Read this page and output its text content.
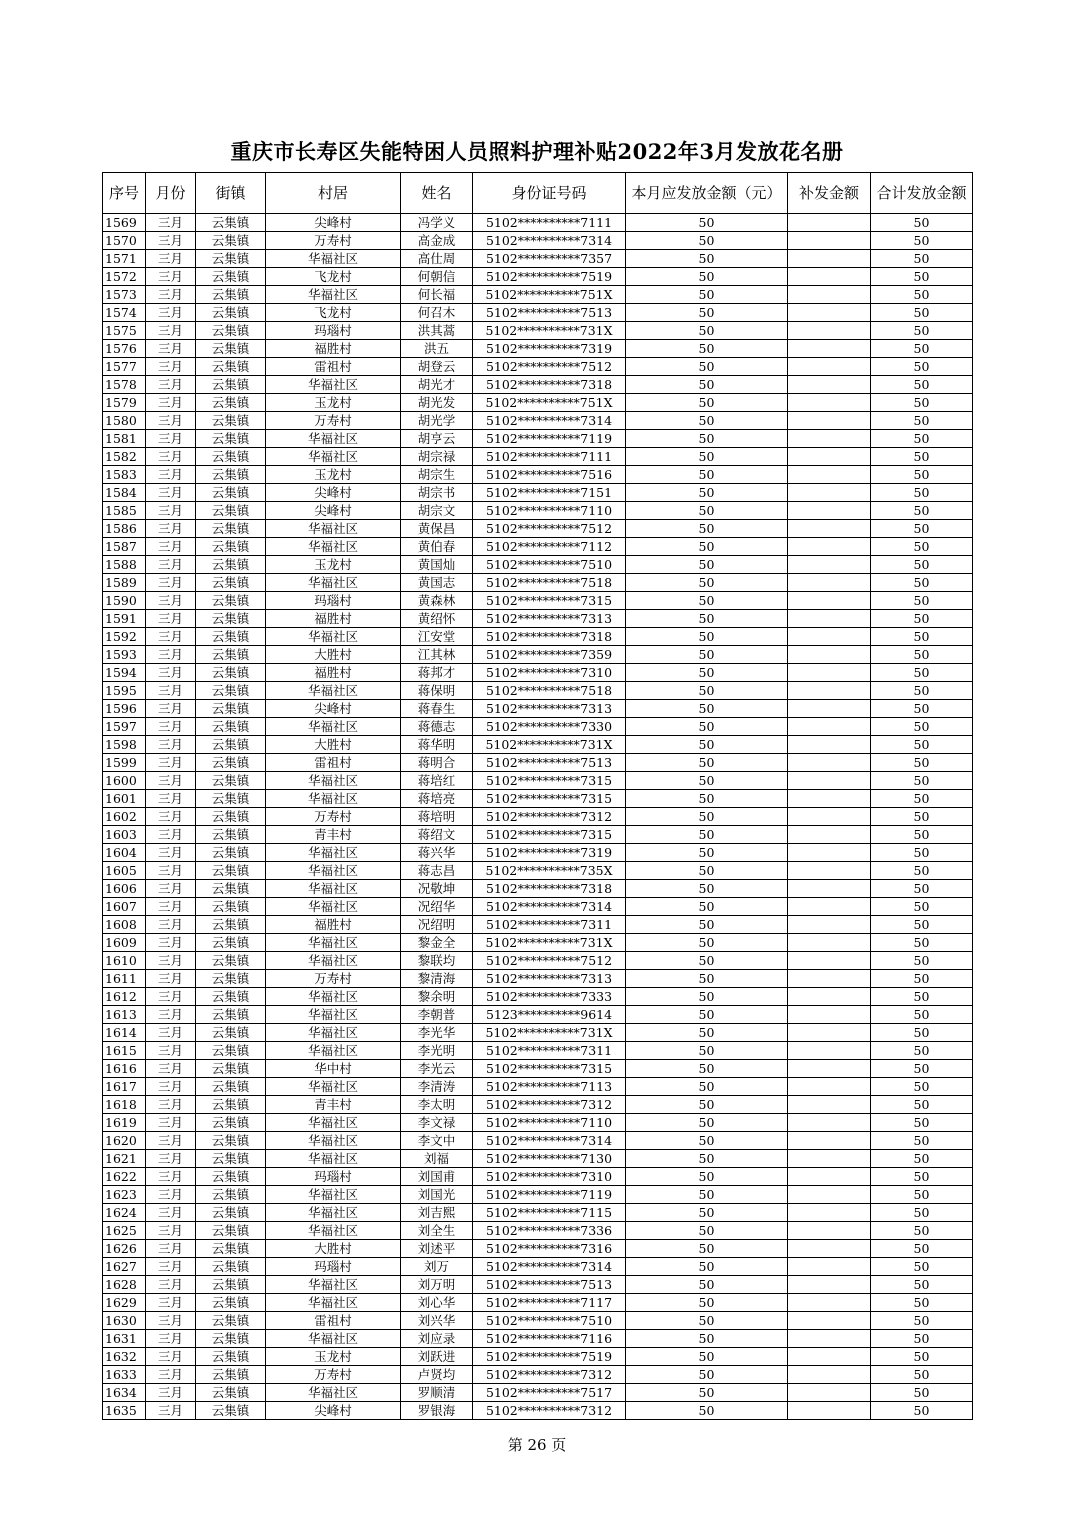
重庆市长寿区失能特困人员照料护理补贴2022年3月发放花名册
序号	月份	街镇	村居	姓名	身份证号码	本月应发放金额（元）	补发金额	合计发放金额
1569	三月	云集镇	尖峰村	冯学义	5102**********7111	50		50
1570	三月	云集镇	万寿村	高金成	5102**********7314	50		50
1571	三月	云集镇	华福社区	高仕周	5102**********7357	50		50
1572	三月	云集镇	飞龙村	何朝信	5102**********7519	50		50
1573	三月	云集镇	华福社区	何长福	5102**********751X	50		50
1574	三月	云集镇	飞龙村	何召木	5102**********7513	50		50
1575	三月	云集镇	玛瑙村	洪其蒿	5102**********731X	50		50
1576	三月	云集镇	福胜村	洪五	5102**********7319	50		50
1577	三月	云集镇	雷祖村	胡登云	5102**********7512	50		50
1578	三月	云集镇	华福社区	胡光才	5102**********7318	50		50
1579	三月	云集镇	玉龙村	胡光发	5102**********751X	50		50
1580	三月	云集镇	万寿村	胡光学	5102**********7314	50		50
1581	三月	云集镇	华福社区	胡亨云	5102**********7119	50		50
1582	三月	云集镇	华福社区	胡宗禄	5102**********7111	50		50
1583	三月	云集镇	玉龙村	胡宗生	5102**********7516	50		50
1584	三月	云集镇	尖峰村	胡宗书	5102**********7151	50		50
1585	三月	云集镇	尖峰村	胡宗文	5102**********7110	50		50
1586	三月	云集镇	华福社区	黄保昌	5102**********7512	50		50
1587	三月	云集镇	华福社区	黄伯春	5102**********7112	50		50
1588	三月	云集镇	玉龙村	黄国灿	5102**********7510	50		50
1589	三月	云集镇	华福社区	黄国志	5102**********7518	50		50
1590	三月	云集镇	玛瑙村	黄森林	5102**********7315	50		50
1591	三月	云集镇	福胜村	黄绍怀	5102**********7313	50		50
1592	三月	云集镇	华福社区	江安堂	5102**********7318	50		50
1593	三月	云集镇	大胜村	江其林	5102**********7359	50		50
1594	三月	云集镇	福胜村	蒋邦才	5102**********7310	50		50
1595	三月	云集镇	华福社区	蒋保明	5102**********7518	50		50
1596	三月	云集镇	尖峰村	蒋春生	5102**********7313	50		50
1597	三月	云集镇	华福社区	蒋德志	5102**********7330	50		50
1598	三月	云集镇	大胜村	蒋华明	5102**********731X	50		50
1599	三月	云集镇	雷祖村	蒋明合	5102**********7513	50		50
1600	三月	云集镇	华福社区	蒋培红	5102**********7315	50		50
1601	三月	云集镇	华福社区	蒋培亮	5102**********7315	50		50
1602	三月	云集镇	万寿村	蒋培明	5102**********7312	50		50
1603	三月	云集镇	青丰村	蒋绍文	5102**********7315	50		50
1604	三月	云集镇	华福社区	蒋兴华	5102**********7319	50		50
1605	三月	云集镇	华福社区	蒋志昌	5102**********735X	50		50
1606	三月	云集镇	华福社区	况敬坤	5102**********7318	50		50
1607	三月	云集镇	华福社区	况绍华	5102**********7314	50		50
1608	三月	云集镇	福胜村	况绍明	5102**********7311	50		50
1609	三月	云集镇	华福社区	黎金全	5102**********731X	50		50
1610	三月	云集镇	华福社区	黎联均	5102**********7512	50		50
1611	三月	云集镇	万寿村	黎清海	5102**********7313	50		50
1612	三月	云集镇	华福社区	黎余明	5102**********7333	50		50
1613	三月	云集镇	华福社区	李朝普	5123**********9614	50		50
1614	三月	云集镇	华福社区	李光华	5102**********731X	50		50
1615	三月	云集镇	华福社区	李光明	5102**********7311	50		50
1616	三月	云集镇	华中村	李光云	5102**********7315	50		50
1617	三月	云集镇	华福社区	李清涛	5102**********7113	50		50
1618	三月	云集镇	青丰村	李太明	5102**********7312	50		50
1619	三月	云集镇	华福社区	李文禄	5102**********7110	50		50
1620	三月	云集镇	华福社区	李文中	5102**********7314	50		50
1621	三月	云集镇	华福社区	刘福	5102**********7130	50		50
1622	三月	云集镇	玛瑙村	刘国甫	5102**********7310	50		50
1623	三月	云集镇	华福社区	刘国光	5102**********7119	50		50
1624	三月	云集镇	华福社区	刘吉熙	5102**********7115	50		50
1625	三月	云集镇	华福社区	刘全生	5102**********7336	50		50
1626	三月	云集镇	大胜村	刘述平	5102**********7316	50		50
1627	三月	云集镇	玛瑙村	刘万	5102**********7314	50		50
1628	三月	云集镇	华福社区	刘万明	5102**********7513	50		50
1629	三月	云集镇	华福社区	刘心华	5102**********7117	50		50
1630	三月	云集镇	雷祖村	刘兴华	5102**********7510	50		50
1631	三月	云集镇	华福社区	刘应录	5102**********7116	50		50
1632	三月	云集镇	玉龙村	刘跃进	5102**********7519	50		50
1633	三月	云集镇	万寿村	卢贤均	5102**********7312	50		50
1634	三月	云集镇	华福社区	罗顺清	5102**********7517	50		50
1635	三月	云集镇	尖峰村	罗银海	5102**********7312	50		50
第 26 页
